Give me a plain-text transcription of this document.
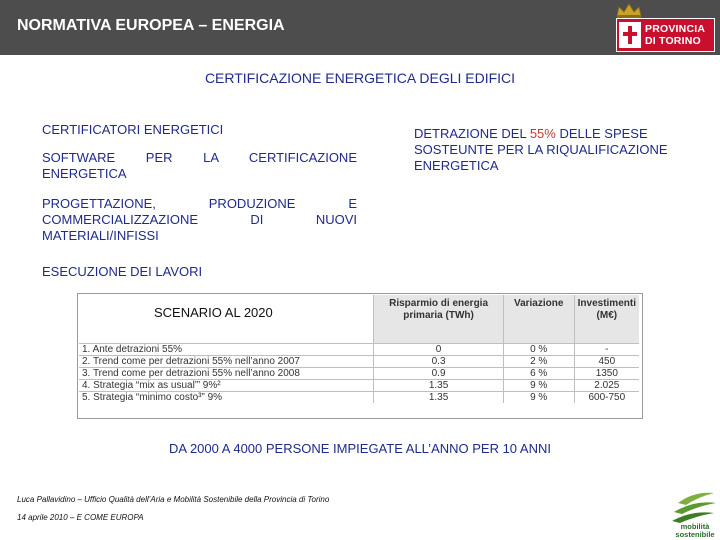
NORMATIVA EUROPEA – ENERGIA	PROVINCIA
DI TORINO
CERTIFICAZIONE ENERGETICA DEGLI EDIFICI
CERTIFICATORI ENERGETICI
SOFTWARE PER LA CERTIFICAZIONE ENERGETICA
PROGETTAZIONE, PRODUZIONE E COMMERCIALIZZAZIONE DI NUOVI MATERIALI/INFISSI
ESECUZIONE DEI LAVORI
DETRAZIONE DEL 55% DELLE SPESE SOSTEUNTE PER LA RIQUALIFICAZIONE ENERGETICA
	Risparmio di energia primaria (TWh)	Variazione	Investimenti (M€)
1. Ante detrazioni 55%	0	0 %	-
2. Trend come per detrazioni 55% nell’anno 2007	0.3	2 %	450
3. Trend come per detrazioni 55% nell’anno 2008	0.9	6 %	1350
4. Strategia “mix as usual”’ 9%²	1.35	9 %	2.025
5. Strategia “minimo costo³” 9%	1.35	9 %	600-750
SCENARIO AL 2020
DA 2000 A 4000 PERSONE IMPIEGATE ALL’ANNO PER 10 ANNI
Luca Pallavidino – Ufficio Qualità dell’Aria e Mobilità Sostenibile della Provincia di Torino
14 aprile 2010 – E COME EUROPA
mobilità
sostenibile
